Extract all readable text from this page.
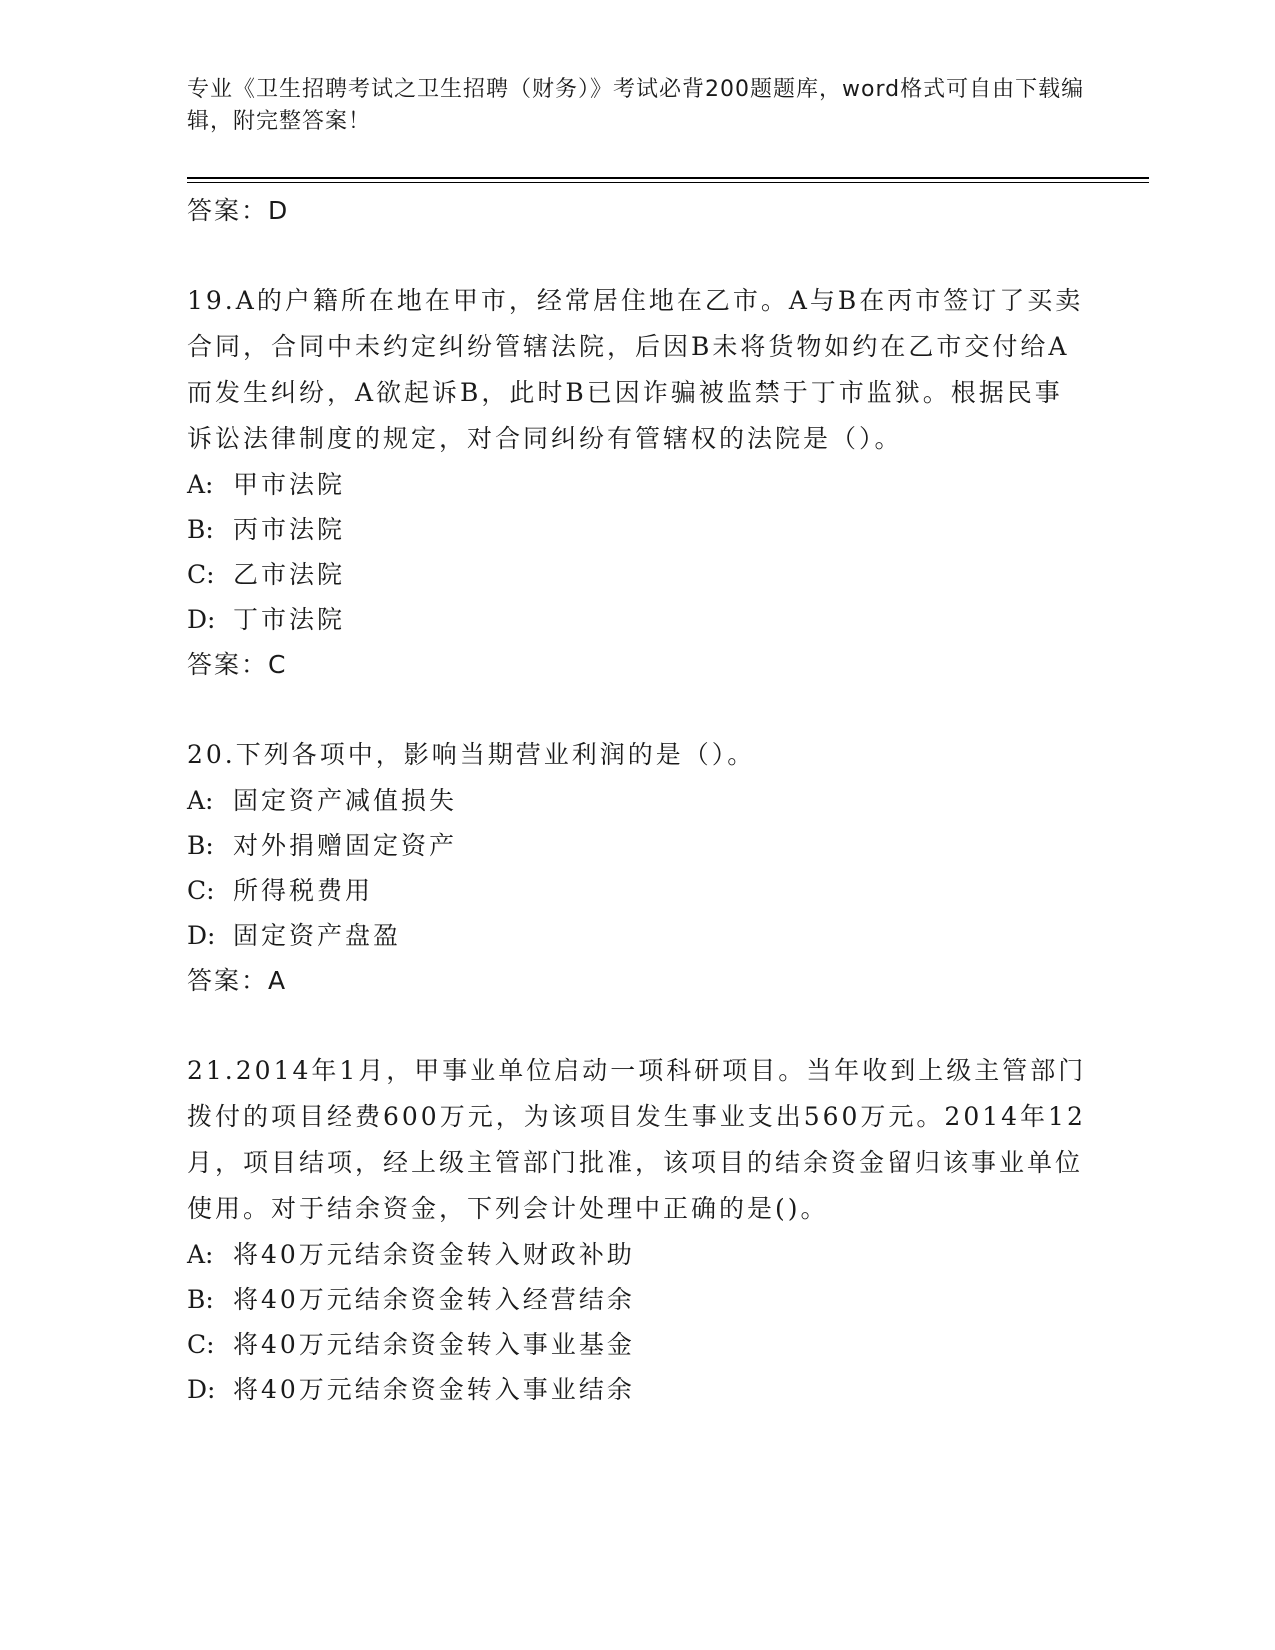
专业《卫生招聘考试之卫生招聘（财务）》考试必背200题题库，word格式可自由下载编辑，附完整答案！
答案：D
19.A的户籍所在地在甲市，经常居住地在乙市。A与B在丙市签订了买卖合同，合同中未约定纠纷管辖法院，后因B未将货物如约在乙市交付给A而发生纠纷，A欲起诉B，此时B已因诈骗被监禁于丁市监狱。根据民事诉讼法律制度的规定，对合同纠纷有管辖权的法院是（）。
A: 甲市法院
B: 丙市法院
C: 乙市法院
D: 丁市法院
答案：C
20.下列各项中，影响当期营业利润的是（）。
A: 固定资产减值损失
B: 对外捐赠固定资产
C: 所得税费用
D: 固定资产盘盈
答案：A
21.2014年1月，甲事业单位启动一项科研项目。当年收到上级主管部门拨付的项目经费600万元，为该项目发生事业支出560万元。2014年12月，项目结项，经上级主管部门批准，该项目的结余资金留归该事业单位使用。对于结余资金，下列会计处理中正确的是()。
A: 将40万元结余资金转入财政补助
B: 将40万元结余资金转入经营结余
C: 将40万元结余资金转入事业基金
D: 将40万元结余资金转入事业结余
